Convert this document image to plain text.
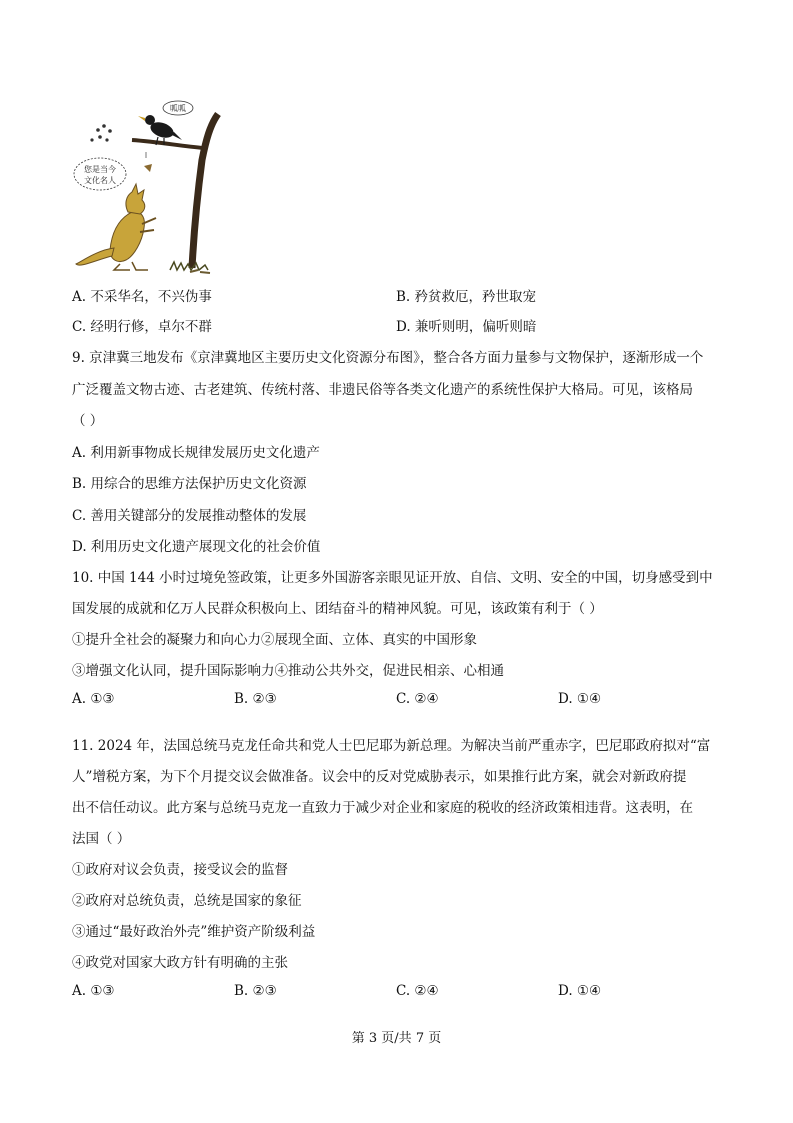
呱呱
您是当今
文化名人
A. 不采华名，不兴伪事	B. 矜贫救厄，矜世取宠
C. 经明行修，卓尔不群	D. 兼听则明，偏听则暗
9. 京津冀三地发布《京津冀地区主要历史文化资源分布图》，整合各方面力量参与文物保护，逐渐形成一个
广泛覆盖文物古迹、古老建筑、传统村落、非遗民俗等各类文化遗产的系统性保护大格局。可见，该格局
（ ）
A. 利用新事物成长规律发展历史文化遗产
B. 用综合的思维方法保护历史文化资源
C. 善用关键部分的发展推动整体的发展
D. 利用历史文化遗产展现文化的社会价值
10. 中国 144 小时过境免签政策，让更多外国游客亲眼见证开放、自信、文明、安全的中国，切身感受到中
国发展的成就和亿万人民群众积极向上、团结奋斗的精神风貌。可见，该政策有利于（ ）
①提升全社会的凝聚力和向心力②展现全面、立体、真实的中国形象
③增强文化认同，提升国际影响力④推动公共外交，促进民相亲、心相通
A. ①③	B. ②③	C. ②④	D. ①④
11. 2024 年，法国总统马克龙任命共和党人士巴尼耶为新总理。为解决当前严重赤字，巴尼耶政府拟对“富
人”增税方案，为下个月提交议会做准备。议会中的反对党威胁表示，如果推行此方案，就会对新政府提
出不信任动议。此方案与总统马克龙一直致力于减少对企业和家庭的税收的经济政策相违背。这表明，在
法国（ ）
①政府对议会负责，接受议会的监督
②政府对总统负责，总统是国家的象征
③通过“最好政治外壳”维护资产阶级利益
④政党对国家大政方针有明确的主张
A. ①③	B. ②③	C. ②④	D. ①④
第 3 页/共 7 页
